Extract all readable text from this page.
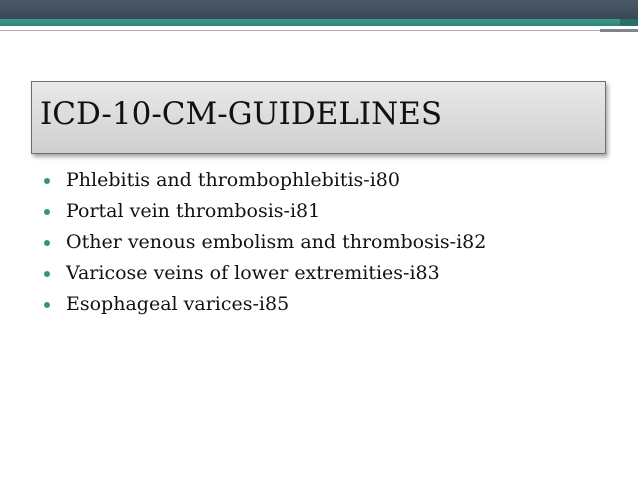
ICD-10-CM-GUIDELINES
Phlebitis and thrombophlebitis-i80
Portal vein thrombosis-i81
Other venous embolism and thrombosis-i82
Varicose veins of lower extremities-i83
Esophageal varices-i85
